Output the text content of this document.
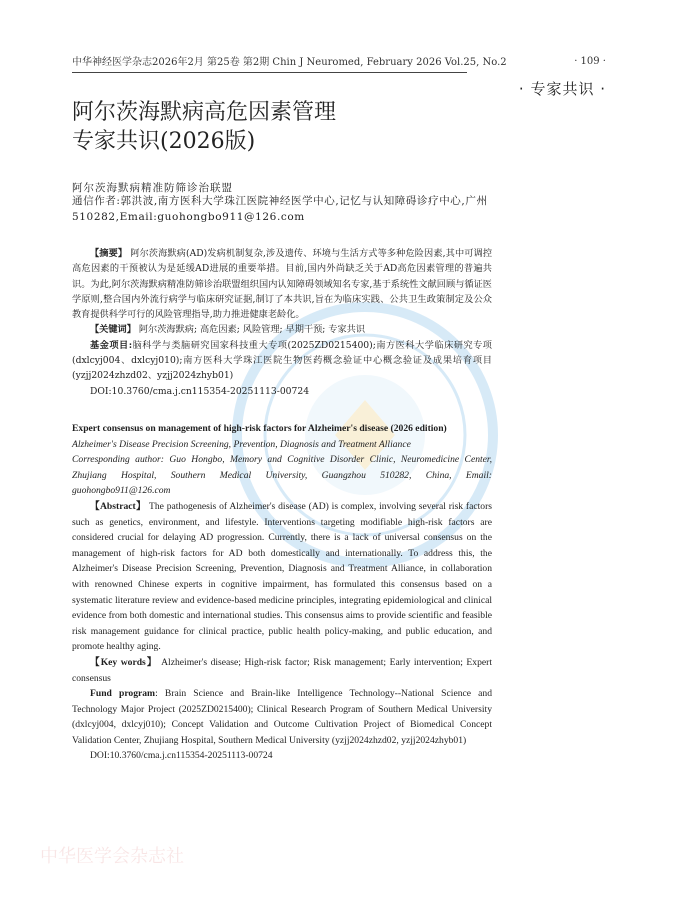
中华神经医学杂志2026年2月 第25卷 第2期 Chin J Neuromed, February 2026 Vol.25, No.2	· 109 ·
· 专家共识 ·
阿尔茨海默病高危因素管理
专家共识(2026版)
阿尔茨海默病精准防筛诊治联盟
通信作者:郭洪波,南方医科大学珠江医院神经医学中心,记忆与认知障碍诊疗中心,广州 510282,Email:guohongbo911@126.com

【摘要】 阿尔茨海默病(AD)发病机制复杂,涉及遗传、环境与生活方式等多种危险因素,其中可调控高危因素的干预被认为是延缓AD进展的重要举措。目前,国内外尚缺乏关于AD高危因素管理的普遍共识。为此,阿尔茨海默病精准防筛诊治联盟组织国内认知障碍领域知名专家,基于系统性文献回顾与循证医学原则,整合国内外流行病学与临床研究证据,制订了本共识,旨在为临床实践、公共卫生政策制定及公众教育提供科学可行的风险管理指导,助力推进健康老龄化。

【关键词】 阿尔茨海默病; 高危因素; 风险管理; 早期干预; 专家共识

基金项目:脑科学与类脑研究国家科技重大专项(2025ZD0215400);南方医科大学临床研究专项(dxlcyj004、dxlcyj010);南方医科大学珠江医院生物医药概念验证中心概念验证及成果培育项目(yzjj2024zhzd02、yzjj2024zhyb01)

DOI:10.3760/cma.j.cn115354-20251113-00724

Expert consensus on management of high-risk factors for Alzheimer's disease (2026 edition)

Alzheimer's Disease Precision Screening, Prevention, Diagnosis and Treatment Alliance

Corresponding author: Guo Hongbo, Memory and Cognitive Disorder Clinic, Neuromedicine Center, Zhujiang Hospital, Southern Medical University, Guangzhou 510282, China, Email: guohongbo911@126.com

【Abstract】 The pathogenesis of Alzheimer's disease (AD) is complex, involving several risk factors such as genetics, environment, and lifestyle. Interventions targeting modifiable high-risk factors are considered crucial for delaying AD progression. Currently, there is a lack of universal consensus on the management of high-risk factors for AD both domestically and internationally. To address this, the Alzheimer's Disease Precision Screening, Prevention, Diagnosis and Treatment Alliance, in collaboration with renowned Chinese experts in cognitive impairment, has formulated this consensus based on a systematic literature review and evidence-based medicine principles, integrating epidemiological and clinical evidence from both domestic and international studies. This consensus aims to provide scientific and feasible risk management guidance for clinical practice, public health policy-making, and public education, and promote healthy aging.

【Key words】 Alzheimer's disease; High-risk factor; Risk management; Early intervention; Expert consensus

Fund program: Brain Science and Brain-like Intelligence Technology--National Science and Technology Major Project (2025ZD0215400); Clinical Research Program of Southern Medical University (dxlcyj004, dxlcyj010); Concept Validation and Outcome Cultivation Project of Biomedical Concept Validation Center, Zhujiang Hospital, Southern Medical University (yzjj2024zhzd02, yzjj2024zhyb01)

DOI:10.3760/cma.j.cn115354-20251113-00724

中华医学会杂志社
